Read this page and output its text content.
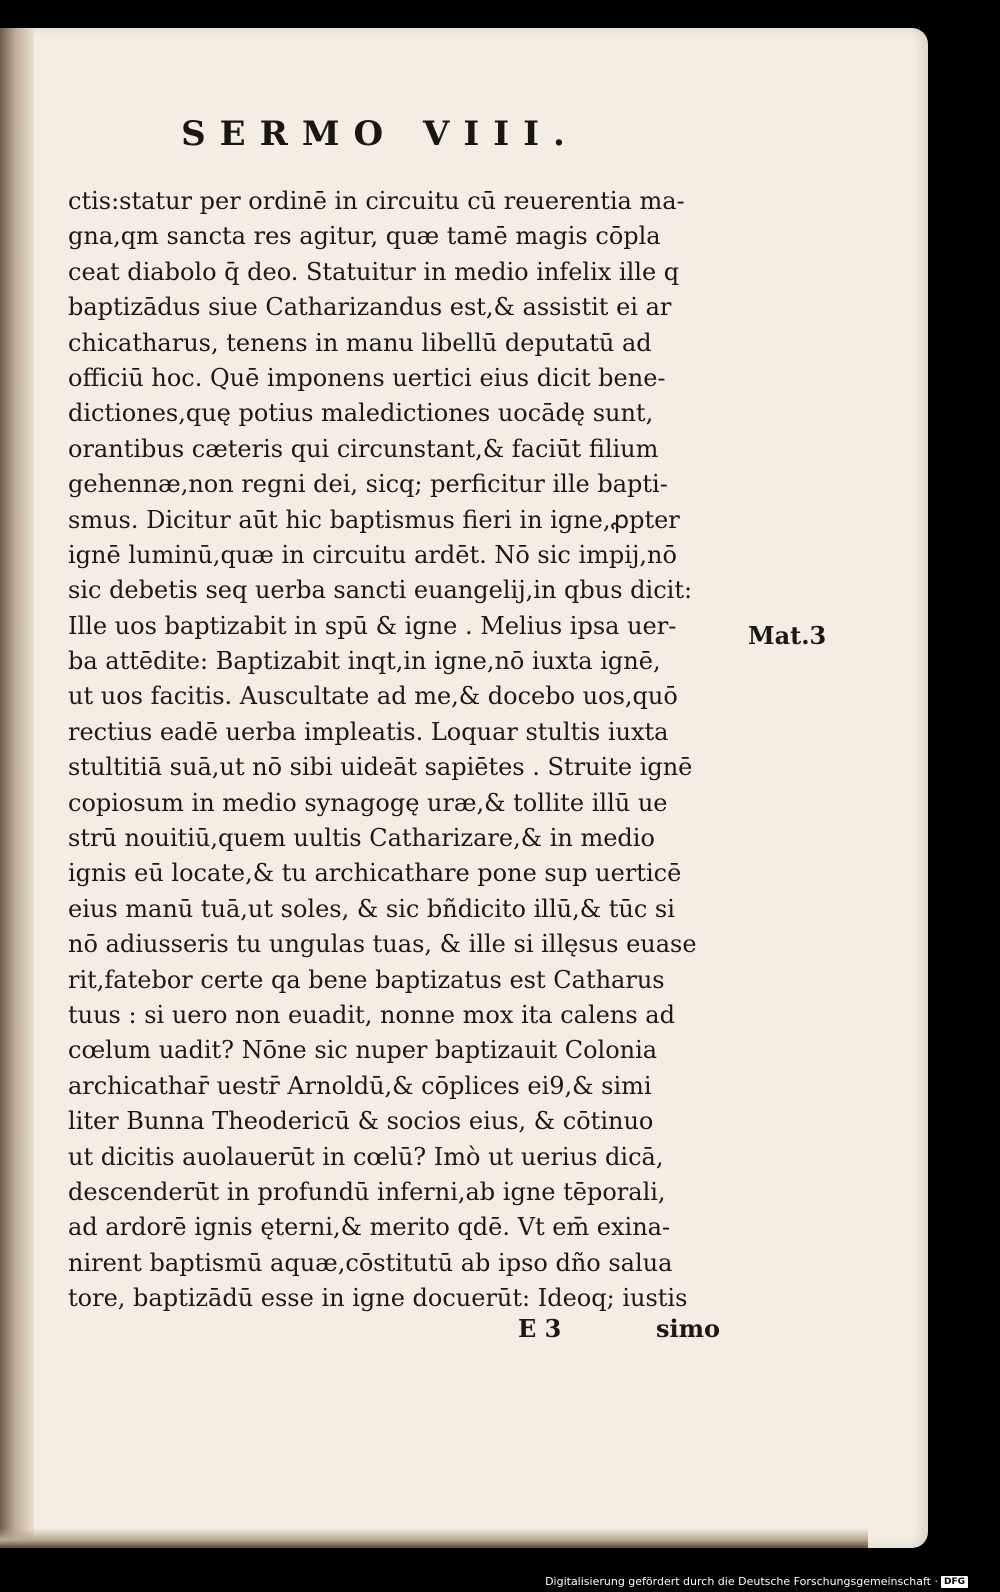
SERMO VIII.
ctis:statur per ordinē in circuitu cū reuerentia ma-
gna,qm sancta res agitur, quæ tamē magis cōpla
ceat diabolo q̄ deo. Statuitur in medio infelix ille q
baptizādus siue Catharizandus est,& assistit ei ar
chicatharus, tenens in manu libellū deputatū ad
officiū hoc. Quē imponens uertici eius dicit bene-
dictiones,quę potius maledictiones uocādę sunt,
orantibus cæteris qui circunstant,& faciūt filium
gehennæ,non regni dei, sicq; perficitur ille bapti-
smus. Dicitur aūt hic baptismus fieri in igne,ꝓpter
ignē luminū,quæ in circuitu ardēt. Nō sic impij,nō
sic debetis seq uerba sancti euangelij,in qbus dicit:
Ille uos baptizabit in spū & igne . Melius ipsa uer-
ba attēdite: Baptizabit inqt,in igne,nō iuxta ignē,
ut uos facitis. Auscultate ad me,& docebo uos,quō
rectius eadē uerba impleatis. Loquar stultis iuxta
stultitiā suā,ut nō sibi uideāt sapiētes . Struite ignē
copiosum in medio synagogę uræ,& tollite illū ue
strū nouitiū,quem uultis Catharizare,& in medio
ignis eū locate,& tu archicathare pone sup uerticē
eius manū tuā,ut soles, & sic bñdicito illū,& tūc si
nō adiusseris tu ungulas tuas, & ille si illęsus euase
rit,fatebor certe qa bene baptizatus est Catharus
tuus : si uero non euadit, nonne mox ita calens ad
cœlum uadit? Nōne sic nuper baptizauit Colonia
archicathar̄ uestr̄ Arnoldū,& cōplices ei9,& simi
liter Bunna Theodericū & socios eius, & cōtinuo
ut dicitis auolauerūt in cœlū? Imò ut uerius dicā,
descenderūt in profundū inferni,ab igne tēporali,
ad ardorē ignis ęterni,& merito qdē. Vt em̄ exina-
nirent baptismū aquæ,cōstitutū ab ipso dño salua
tore, baptizādū esse in igne docuerūt: Ideoq; iustis
Mat.3
E 3	simo
Digitalisierung gefördert durch die Deutsche Forschungsgemeinschaft · DFG
